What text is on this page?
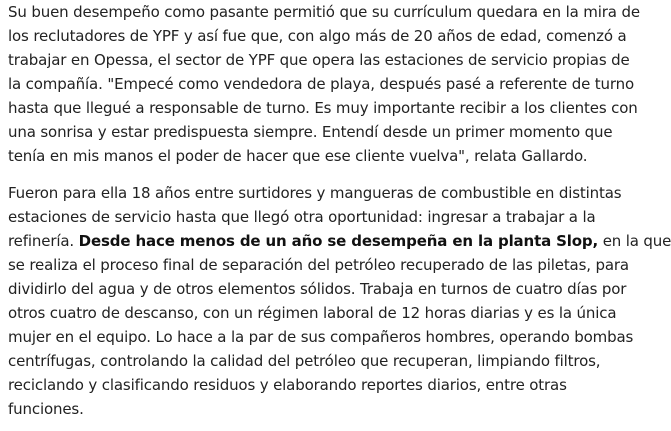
Su buen desempeño como pasante permitió que su currículum quedara en la mira de
los reclutadores de YPF y así fue que, con algo más de 20 años de edad, comenzó a
trabajar en Opessa, el sector de YPF que opera las estaciones de servicio propias de
la compañía. "Empecé como vendedora de playa, después pasé a referente de turno
hasta que llegué a responsable de turno. Es muy importante recibir a los clientes con
una sonrisa y estar predispuesta siempre. Entendí desde un primer momento que
tenía en mis manos el poder de hacer que ese cliente vuelva", relata Gallardo.

Fueron para ella 18 años entre surtidores y mangueras de combustible en distintas
estaciones de servicio hasta que llegó otra oportunidad: ingresar a trabajar a la
refinería. Desde hace menos de un año se desempeña en la planta Slop, en la que
se realiza el proceso final de separación del petróleo recuperado de las piletas, para
dividirlo del agua y de otros elementos sólidos. Trabaja en turnos de cuatro días por
otros cuatro de descanso, con un régimen laboral de 12 horas diarias y es la única
mujer en el equipo. Lo hace a la par de sus compañeros hombres, operando bombas
centrífugas, controlando la calidad del petróleo que recuperan, limpiando filtros,
reciclando y clasificando residuos y elaborando reportes diarios, entre otras
funciones.
